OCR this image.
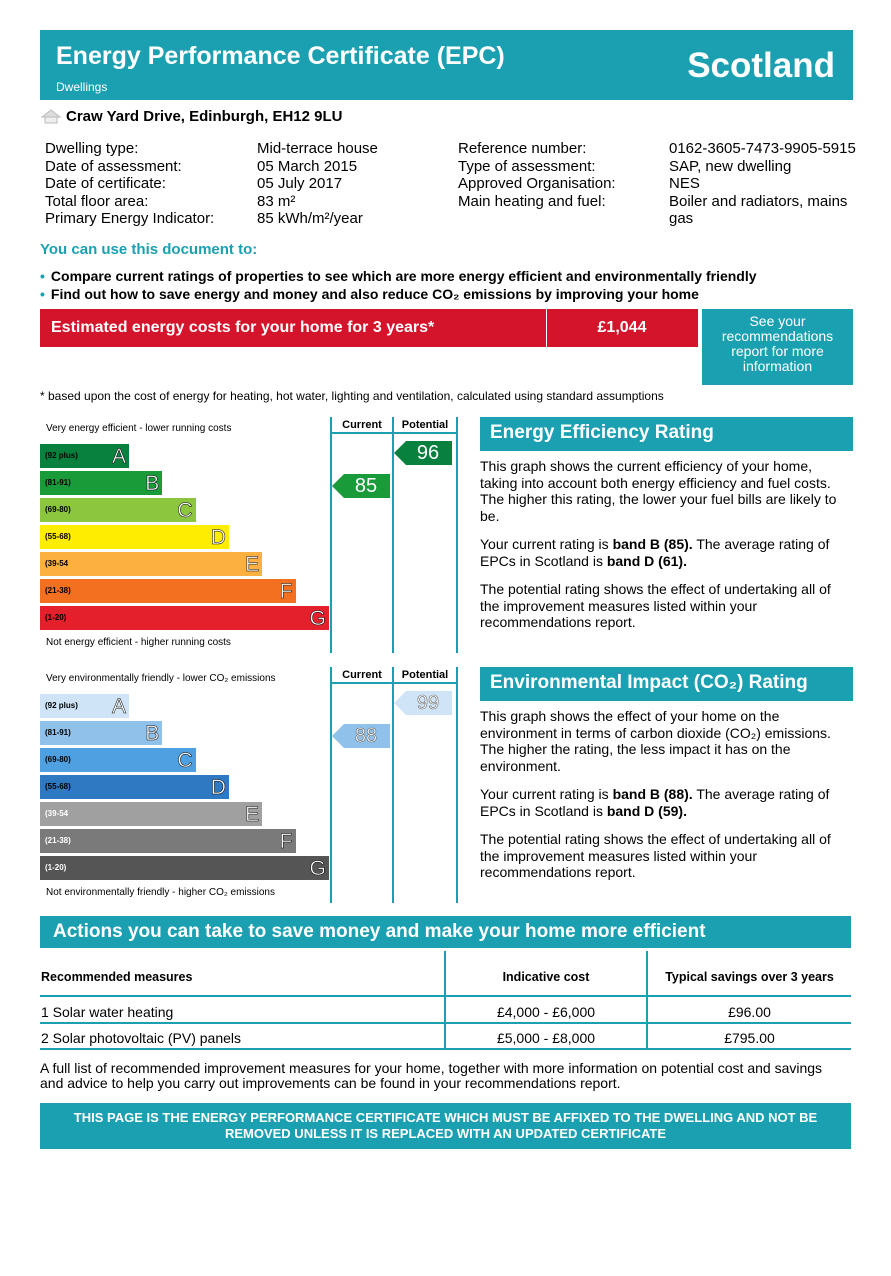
Energy Performance Certificate (EPC)
Dwellings
Scotland
Craw Yard Drive, Edinburgh, EH12 9LU
Dwelling type:	Mid-terrace house
Date of assessment:	05 March 2015
Date of certificate:	05 July 2017
Total floor area:	83 m²
Primary Energy Indicator:	85 kWh/m²/year
Reference number:	0162-3605-7473-9905-5915
Type of assessment:	SAP, new dwelling
Approved Organisation:	NES
Main heating and fuel:	Boiler and radiators, mains gas
You can use this document to:
• Compare current ratings of properties to see which are more energy efficient and environmentally friendly
• Find out how to save energy and money and also reduce CO₂ emissions by improving your home
Estimated energy costs for your home for 3 years*	£1,044	See your recommendations report for more information
* based upon the cost of energy for heating, hot water, lighting and ventilation, calculated using standard assumptions
Very energy efficient - lower running costs
Not energy efficient - higher running costs
Current	Potential
(92 plus) A
(81-91)	B
(69-80)	C
(55-68)	D
(39-54	E
(21-38)	F
(1-20)	G
85
96
Very environmentally friendly - lower CO₂ emissions
Not environmentally friendly - higher CO₂ emissions
Current	Potential
(92 plus) A
(81-91)	B
(69-80)	C
(55-68)	D
(39-54	E
(21-38)	F
(1-20)	G
88
99
Energy Efficiency Rating

This graph shows the current efficiency of your home, taking into account both energy efficiency and fuel costs. The higher this rating, the lower your fuel bills are likely to be.

Your current rating is band B (85). The average rating of EPCs in Scotland is band D (61).

The potential rating shows the effect of undertaking all of the improvement measures listed within your recommendations report.

Environmental Impact (CO₂) Rating

This graph shows the effect of your home on the environment in terms of carbon dioxide (CO₂) emissions. The higher the rating, the less impact it has on the environment.

Your current rating is band B (88). The average rating of EPCs in Scotland is band D (59).

The potential rating shows the effect of undertaking all of the improvement measures listed within your recommendations report.

Actions you can take to save money and make your home more efficient
Recommended measures	Indicative cost	Typical savings over 3 years
1 Solar water heating	£4,000 - £6,000	£96.00
2 Solar photovoltaic (PV) panels	£5,000 - £8,000	£795.00
A full list of recommended improvement measures for your home, together with more information on potential cost and savings and advice to help you carry out improvements can be found in your recommendations report.
THIS PAGE IS THE ENERGY PERFORMANCE CERTIFICATE WHICH MUST BE AFFIXED TO THE DWELLING AND NOT BE REMOVED UNLESS IT IS REPLACED WITH AN UPDATED CERTIFICATE
